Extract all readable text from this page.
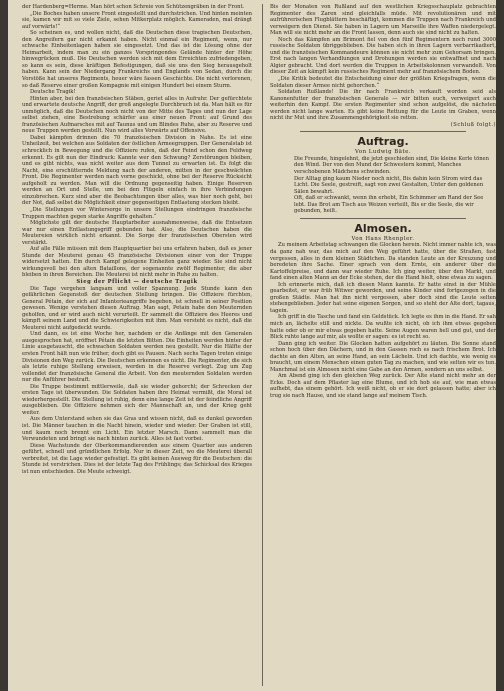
der Hardenberg=Herme. Man hört schon Schreie von Schützengräben in der Front.

„Die Boches haben unsere Front eingestellt und durchstrichen. Und hinten meinten sie, kamen wir mit so viele Ziele, sehen Mitkerplatz möglich. Kameraden, mal drängt auf vorwärts!“

So scheinen es, und wollen nicht, daß die Deutschen diese tragischen Deutschen, den Angreifern gar nicht erkannt haben. Nicht einmal ein Regiment, wenn, nur schwache Einheitenlagen haben sie eingesetzt. Und das ist die Lösung ohne der Heimarbeit, indem man zu ein ganzes Vorspringendes Gelände hinter der Höhe hinwegrücken muß. Die Deutschen werden sich mit dem Erreichten zufriedengeben, so kann es sein, diese kräftigen Befestigungen, daß sie uns den Sieg herausgeholt haben. Kann sein der Niedergang Frankreichs und Englands von Sedan, durch die Vorstöße hat unseres Regiments, heuer wäre fassen Geschichte. Die nicht verlorenen, so daß Reserve einer großen Kompagnie mit einigen Hundert bei einem Sturm.

Deutsche Tragik!

Hinten aber, bei den französischen Stäben, geriet alles in Aufruhr. Der gefürchtete und erwartete deutsche Angriff, der groß angelegte Durchbruch ist da. Man hält es für unmöglich, daß die Deutschen noch nicht von der Mitte des Tages und nun der Lage selbst ziehen, eine Bestrebung schärfer aus einer neuen Front: auf Grund des französischen Aufmarsches mit auf Taunus und um Blindes Ruhe, aber zu Reserve und neue Truppen werden gestellt. Nun wird alles Vorwärts auf Offensive.

Dabei kämpfen drinnen die 70 französischen Division in Nahe. Es ist eine Unheilzeit, bei welchen aus Soldaten der östlichen Armeegruppen. Der Generalstab ist schrecklich in Bewegung und die Offiziere rufen, daß der Feind schon den Feldweg erkennt. Es gilt nun der Eindruck: Kannte wer den Schwung? Zerstörungen bleiben, und es gibt nichts, was nicht weiter aus dem Tunnel zu erwarten ist. Es folgt die Nacht, eine erschütternde Meldung nach der anderen, mitten in der geschwächten Front. Die Regimenter werden nach vorne geschickt, ohne bei der Reserve Rücksicht aufgeholt zu werden. Man will die Ordnung gegenseitig haben. Einige Reserven werden an Ort und Stelle, um bei den Flügeln einfach in ihre Verbindungen einzubrechen. Kurz sind aber die Beobachtungen über alles, was hier noch geht, bei der Not, daß selbst die Möglichkeit einer gegenseitigen Entlastung stecken bleibt.

„Die Stellungen vor Wintersorge in unsere Stellungen eindringen französische Truppen machten gegen starke Angriffe gehalten.“

Möglichste gilt der deutsche Hauptarbeiter ausnahmenweise, daß die Entsetzen war nur einen Entlastungsgriff gebunden hat. Also, die Deutschen haben die Meutereien wirklich nicht erkannt. Die Sorge der französischen Obersten wird verstärkt.

Auf alle Fälle müssen mit dem Hauptquartier bei uns erfahren haben, daß es jener Stunde der Meuterei genau 45 französische Divisionen einer von der Truppe widersetzt hatten. Ein durch Kampf gelegene Einheiten ganz wieder. Sie sind nicht wirkungsvoll bei den alten Bataillons, der sogenannte zwölf Regimenter, die aber bleiben in ihren Bereichen. Die Meuterei ist nicht mehr in Ruhe zu halten.

Sieg der Pflicht — deutsche Tragik

Die Tage vergehen langsam und voller Spannung. Jede Stunde kann den gefährlichen Gegenstoß der deutschen Stellung bringen. Die Offiziere fürchten, General Pétain, der sich auf Infanterieangriffe begeben, ist schnell in seiner Position gewesen. Wenige verstehen diesen Auftrag. Man sagt, Petain habe den Meuternden geholfen, und er wird auch nicht verurteilt. Er sammelt die Offiziere des Heeres und kämpft seinem Land und die Schwierigkeiten mit ihm. Man versteht es nicht, daß die Meuterei nicht aufgedeckt wurde.

Und dann, es ist eine Woche her, nachdem er die Anfänge mit den Generalen ausgesprochen hat, eröffnet Pétain die letzten Bitten. Die Einheiten werden hinter der Linie ausgetauscht, die schwachen Soldaten werden neu gestellt. Nur die Hälfte der ersten Front hält nun wie früher, doch gibt es Pausen. Nach sechs Tagen treten einige Divisionen den Weg zurück. Die Deutschen erkennen es nicht. Die Regimenter, die sich als letzte ruhige Stellung erweisen, werden in die Reserve verlegt. Zug um Zug vollendet der französische General die Arbeit. Von den meuternden Soldaten werden nur die Anführer bestraft.

Die Truppe bestimmt mittlerweile, daß sie wieder gehorcht; der Schrecken der ersten Tage ist überwunden. Die Soldaten haben ihre Heimat vermißt, die Moral ist wiederhergestellt. Die Stellung ist ruhig, denn eine lange Zeit ist der feindliche Angriff ausgeblieben. Die Offiziere nehmen sich der Mannschaft an, und der Krieg geht weiter.

Aus dem Unterstand sehen sie das Gras und wissen nicht, daß es dunkel geworden ist. Die Männer tauchen in die Nacht hinein, wieder und wieder. Der Graben ist still, und kaum noch brennt ein Licht. Ein letzter Marsch. Dann sammelt man die Verwundeten und bringt sie nach hinten zurück. Alles ist fast vorbei.

Diese Wachstunde der Oberkommandierenden aus einem Quartier aus anderen geführt, schnell und gründlichen Erfolg. Nur in dieser Zeit, wo die Meuterei überall verbreitet, ist die Lage wieder gefestigt. Es gibt keinen Ausweg für die Deutschen: die Stunde ist verstrichen. Dies ist der letzte Tag des Frühlings; das Schicksal des Krieges ist nun entschieden. Die Meute schweigt.

Bis der Monaten von Rußland auf den westlichen Kriegsschauplatz gebrachten Regimenter des Zaren sind gleichfalls müde. Mit revolutionären und mit aufrührerischen Flugblättern beschäftigt, kommen die Truppen nach Frankreich und verweigern den Dienst. Sie haben in Lagern um Marseille ihre Waffen niedergelegt. Man will sie nicht mehr an die Front lassen, denn auch sie sind nicht zu halten.

Noch das Kämpfen am Brimont fiel von den fünf Regimentern noch rund 3000 russische Soldaten übriggeblieben. Die haben sich in ihren Lagern verbarrikadiert, und die französischen Kommandeure können sie nicht mehr zum Gehorsam bringen. Erst nach langen Verhandlungen und Drohungen werden sie entwaffnet und nach Algier gebracht. Und dort werden die Truppen in Arbeitskolonnen verwandelt. Von dieser Zeit an kämpft kein russisches Regiment mehr auf französischem Boden.

„Die Kritik bedeutet die Entscheidung einer der größten Kriegsfragen, wenn die Soldaten dieser Armee nicht gehorchen.“

Soldaten Rußlands! Die ihr nach Frankreich verkauft worden seid als Kanonenfutter der französischen Generale — wir bitten euch, verweigert auch weiterhin den Kampf. Die ersten Regimenter sind schon aufgelöst, die nächsten werden nicht lange warten. Es gibt keine Rettung für die Leute im Graben, wenn nicht ihr Mut und ihre Zusammengehörigkeit sie retten.

(Schluß folgt.)

Auftrag.

Von Ludwig Bäte.

Die Freunde, hingelehnt, die jetzt geschieden sind, Die kleine Kerle tönen den Wind. Der von den Mund der Schwestern kommt, Manches verschobenen Mädchens schwinden.

Der Alltag ging kaum Nieder noch nicht, Bis dahin kein Strom wird das Licht. Die Seele, gestreift, sagt von zwei Gestalten, Unter den goldenen Sälen bewahrt.

Oft, daß er schwankt, wenn ihn erhebt, Ein Schimmer am Rand der See lebt. Das Brot am Tisch aus Weizen verteilt, Bis er die Seele, die wir gebunden, heilt.

Almosen.

Von Hans Rhenpler.

Zu meinem Arbeitstag schwangen die Glocken herein. Nicht immer nahte ich, was da ganz nah war, das mich auf den Weg geführt hatte, über die Straßen, fast vergessen, alles in dem kleinen Städtchen. Da standen Leute an der Kreuzung und beredeten ihre Sache. Einer sprach von dem Ernte, ein anderer über die Kartoffelpreise, und dann war wieder Ruhe. Ich ging weiter, über den Markt, und fand einen alten Mann an der Ecke stehen, der die Hand hielt, ohne etwas zu sagen.

Ich erinnerte mich, daß ich diesen Mann kannte. Er hatte einst in der Mühle gearbeitet, er war früh Witwer geworden, und seine Kinder sind fortgezogen in die großen Städte. Man hat ihn nicht vergessen, aber doch sind die Leute selten stehengeblieben. Jeder hat seine eigenen Sorgen, und so steht der Alte dort, tagaus, tagein.

Ich griff in die Tasche und fand ein Geldstück. Ich legte es ihm in die Hand. Er sah mich an, lächelte still und nickte. Da wußte ich nicht, ob ich ihm etwas gegeben hatte oder ob er mir etwas gegeben hatte. Seine Augen waren hell und gut, und der Blick ruhte lange auf mir, als wollte er sagen: es ist recht so.

Dann ging ich weiter. Die Glocken hatten aufgehört zu läuten. Die Sonne stand schon hoch über den Dächern, und in den Gassen roch es nach frischem Brot. Ich dachte an den Alten, an seine Hand, an sein Lächeln. Und ich dachte, wie wenig es braucht, um einem Menschen einen guten Tag zu machen, und wie selten wir es tun. Manchmal ist ein Almosen nicht eine Gabe an den Armen, sondern an uns selbst.

Am Abend ging ich den gleichen Weg zurück. Der Alte stand nicht mehr an der Ecke. Doch auf dem Pflaster lag eine Blume, und ich hob sie auf, wie man etwas aufhebt, das einem gehört. Ich weiß nicht, ob er sie dort gelassen hatte; aber ich trug sie nach Hause, und sie stand lange auf meinem Tisch.
